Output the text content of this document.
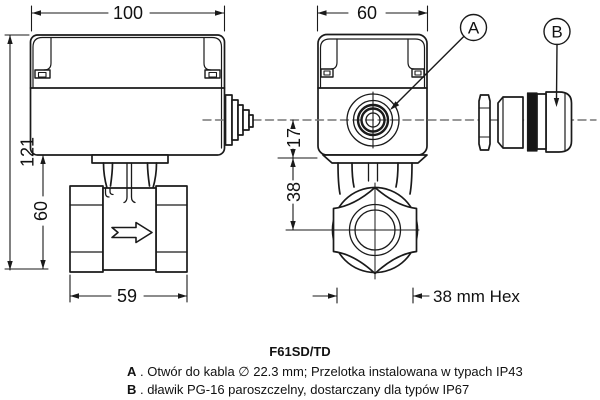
100	60
121
60
17
38
59	38 mm Hex
A	B
F61SD/TD
A . Otwór do kabla ∅ 22.3 mm; Przelotka instalowana w typach IP43
B . dławik PG-16 paroszczelny, dostarczany dla typów IP67
